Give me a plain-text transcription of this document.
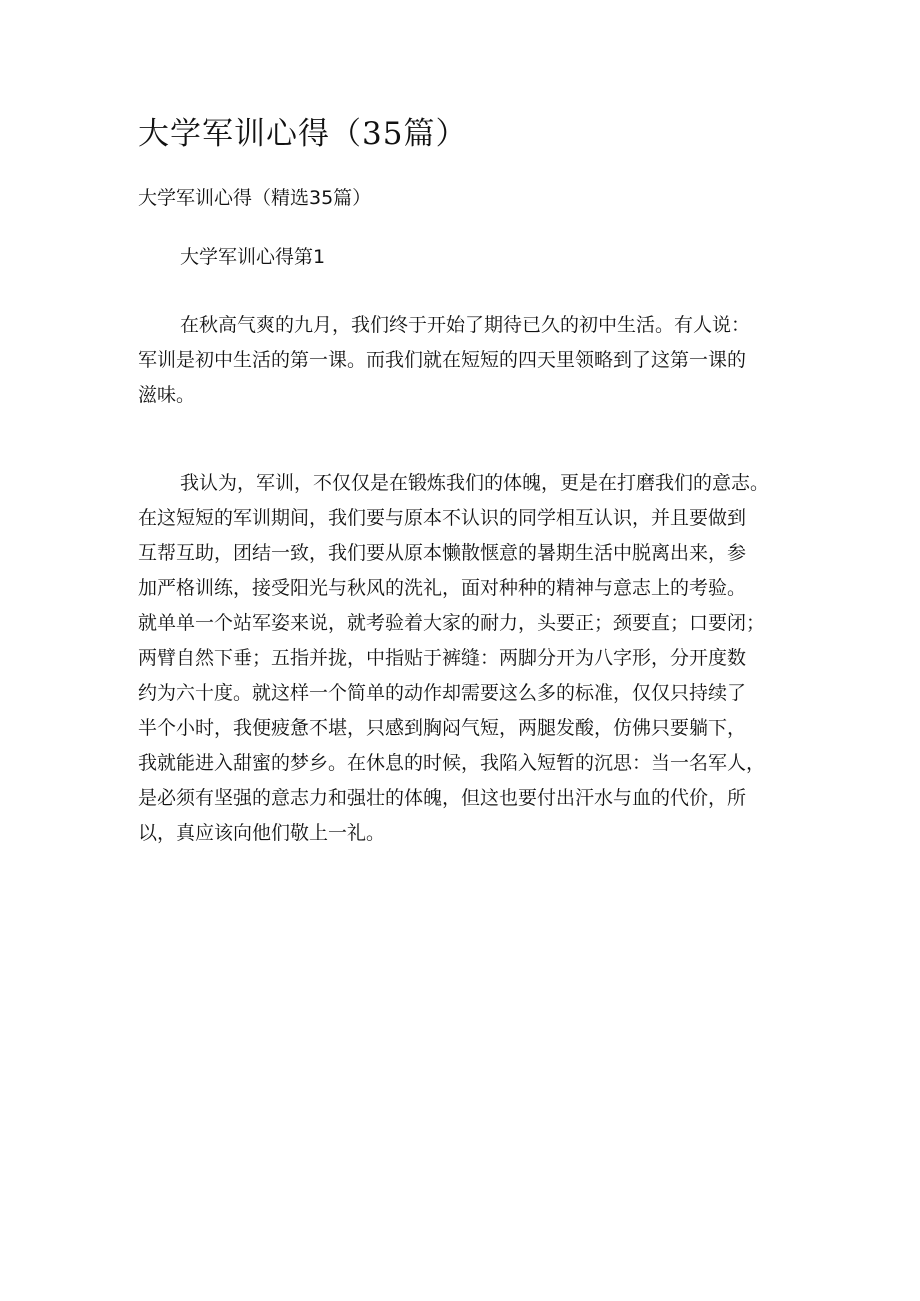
大学军训心得（35篇）

大学军训心得（精选35篇）

大学军训心得第1

在秋高气爽的九月，我们终于开始了期待已久的初中生活。有人说：
军训是初中生活的第一课。而我们就在短短的四天里领略到了这第一课的
滋味。
我认为，军训，不仅仅是在锻炼我们的体魄，更是在打磨我们的意志。
在这短短的军训期间，我们要与原本不认识的同学相互认识，并且要做到
互帮互助，团结一致，我们要从原本懒散惬意的暑期生活中脱离出来，参
加严格训练，接受阳光与秋风的洗礼，面对种种的精神与意志上的考验。
就单单一个站军姿来说，就考验着大家的耐力，头要正；颈要直；口要闭；
两臂自然下垂；五指并拢，中指贴于裤缝：两脚分开为八字形，分开度数
约为六十度。就这样一个简单的动作却需要这么多的标准，仅仅只持续了
半个小时，我便疲惫不堪，只感到胸闷气短，两腿发酸，仿佛只要躺下，
我就能进入甜蜜的梦乡。在休息的时候，我陷入短暂的沉思：当一名军人，
是必须有坚强的意志力和强壮的体魄，但这也要付出汗水与血的代价，所
以，真应该向他们敬上一礼。
